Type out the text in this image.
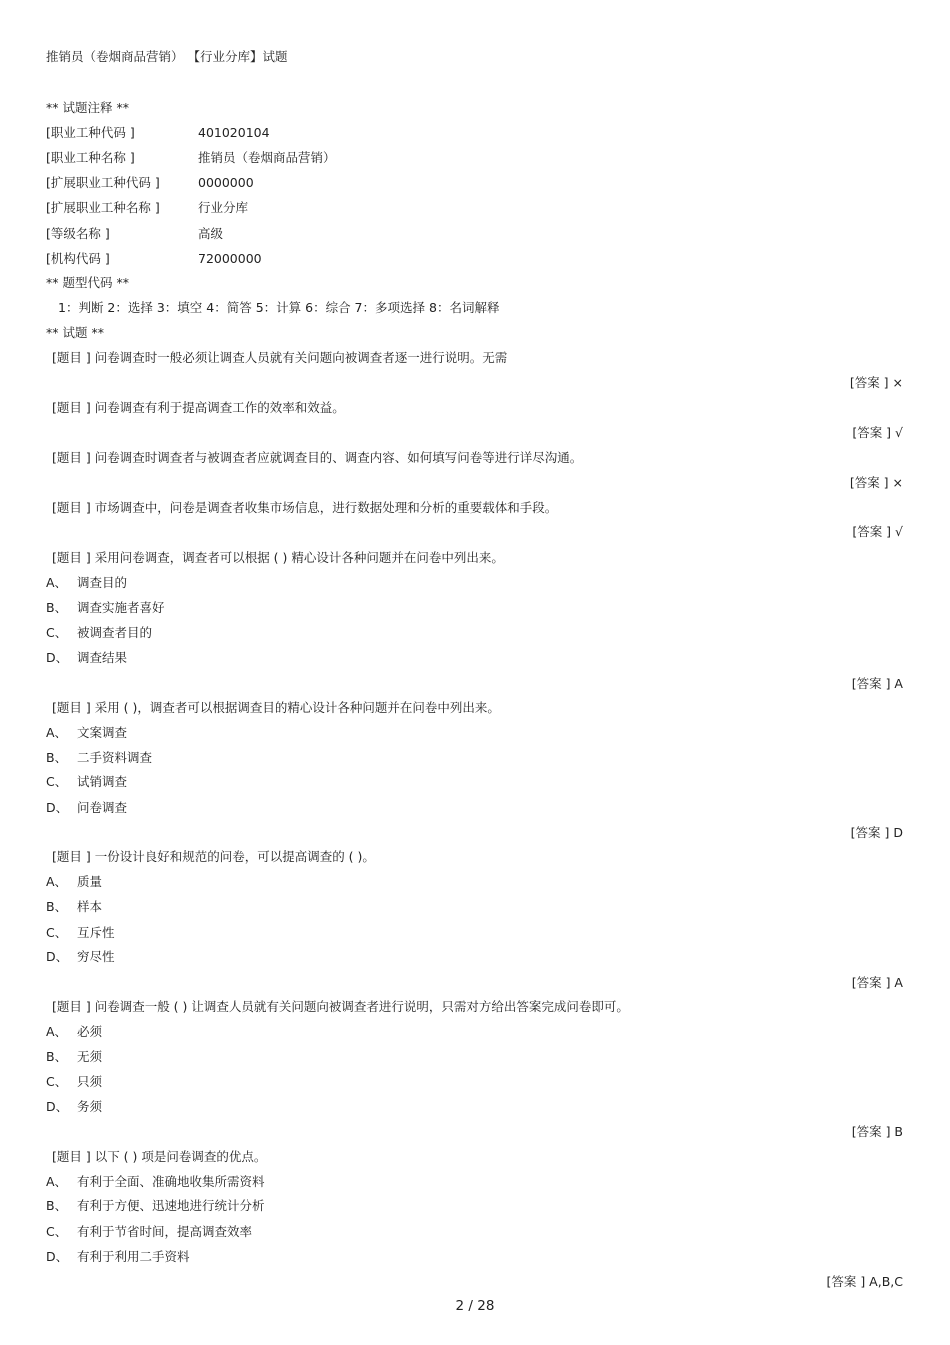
推销员（卷烟商品营销） 【行业分库】试题
** 试题注释 **
[职业工种代码 ]	401020104
[职业工种名称 ]	推销员（卷烟商品营销）
[扩展职业工种代码 ]	0000000
[扩展职业工种名称 ]	行业分库
[等级名称 ]	高级
[机构代码 ]	72000000
** 题型代码 **
1：判断 2：选择 3：填空 4：简答 5：计算 6：综合 7：多项选择 8：名词解释
** 试题 **
[题目 ] 问卷调查时一般必须让调查人员就有关问题向被调查者逐一进行说明。无需
[答案 ] ×
[题目 ] 问卷调查有利于提高调查工作的效率和效益。
[答案 ] √
[题目 ] 问卷调查时调查者与被调查者应就调查目的、调查内容、如何填写问卷等进行详尽沟通。
[答案 ] ×
[题目 ] 市场调查中，问卷是调查者收集市场信息，进行数据处理和分析的重要载体和手段。
[答案 ] √
[题目 ] 采用问卷调查，调查者可以根据 ( ) 精心设计各种问题并在问卷中列出来。
A、 调查目的
B、 调查实施者喜好
C、 被调查者目的
D、 调查结果
[答案 ] A
[题目 ] 采用 ( )，调查者可以根据调查目的精心设计各种问题并在问卷中列出来。
A、 文案调查
B、 二手资料调查
C、 试销调查
D、 问卷调查
[答案 ] D
[题目 ] 一份设计良好和规范的问卷，可以提高调查的 ( )。
A、 质量
B、 样本
C、 互斥性
D、 穷尽性
[答案 ] A
[题目 ] 问卷调查一般 ( ) 让调查人员就有关问题向被调查者进行说明，只需对方给出答案完成问卷即可。
A、 必须
B、 无须
C、 只须
D、 务须
[答案 ] B
[题目 ] 以下 ( ) 项是问卷调查的优点。
A、 有利于全面、准确地收集所需资料
B、 有利于方便、迅速地进行统计分析
C、 有利于节省时间，提高调查效率
D、 有利于利用二手资料
[答案 ] A,B,C
2 / 28
